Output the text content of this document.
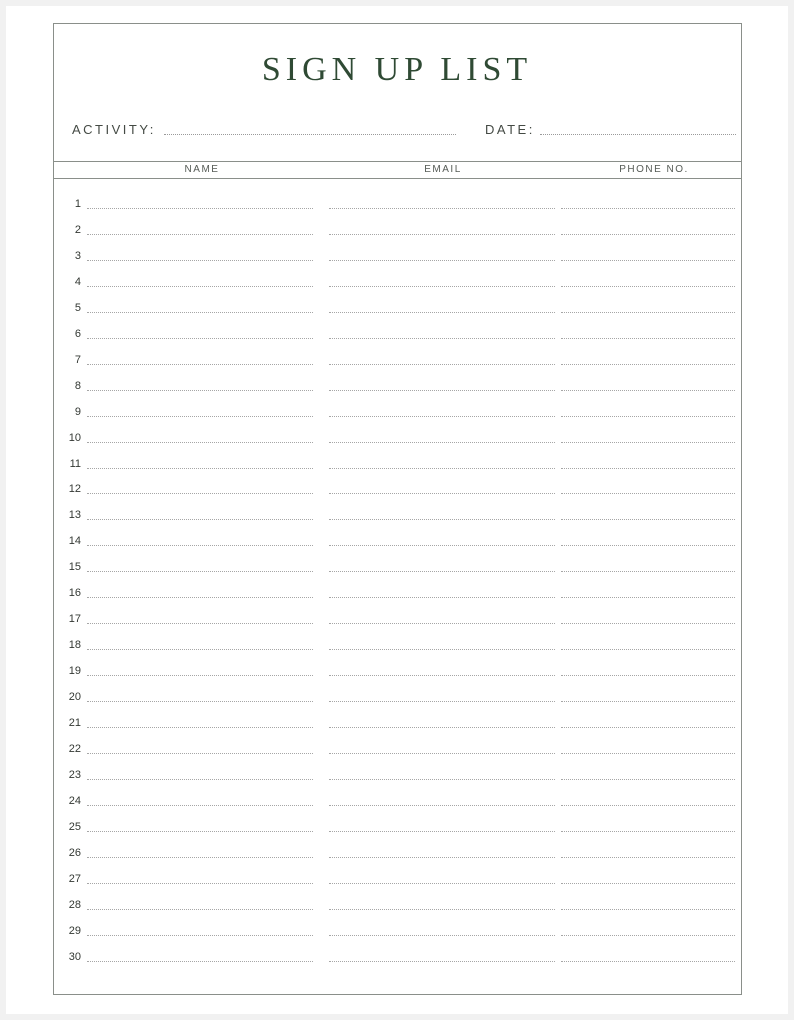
SIGN UP LIST
ACTIVITY:	DATE:
NAME	EMAIL	PHONE NO.
1
2
3
4
5
6
7
8
9
10
11
12
13
14
15
16
17
18
19
20
21
22
23
24
25
26
27
28
29
30
